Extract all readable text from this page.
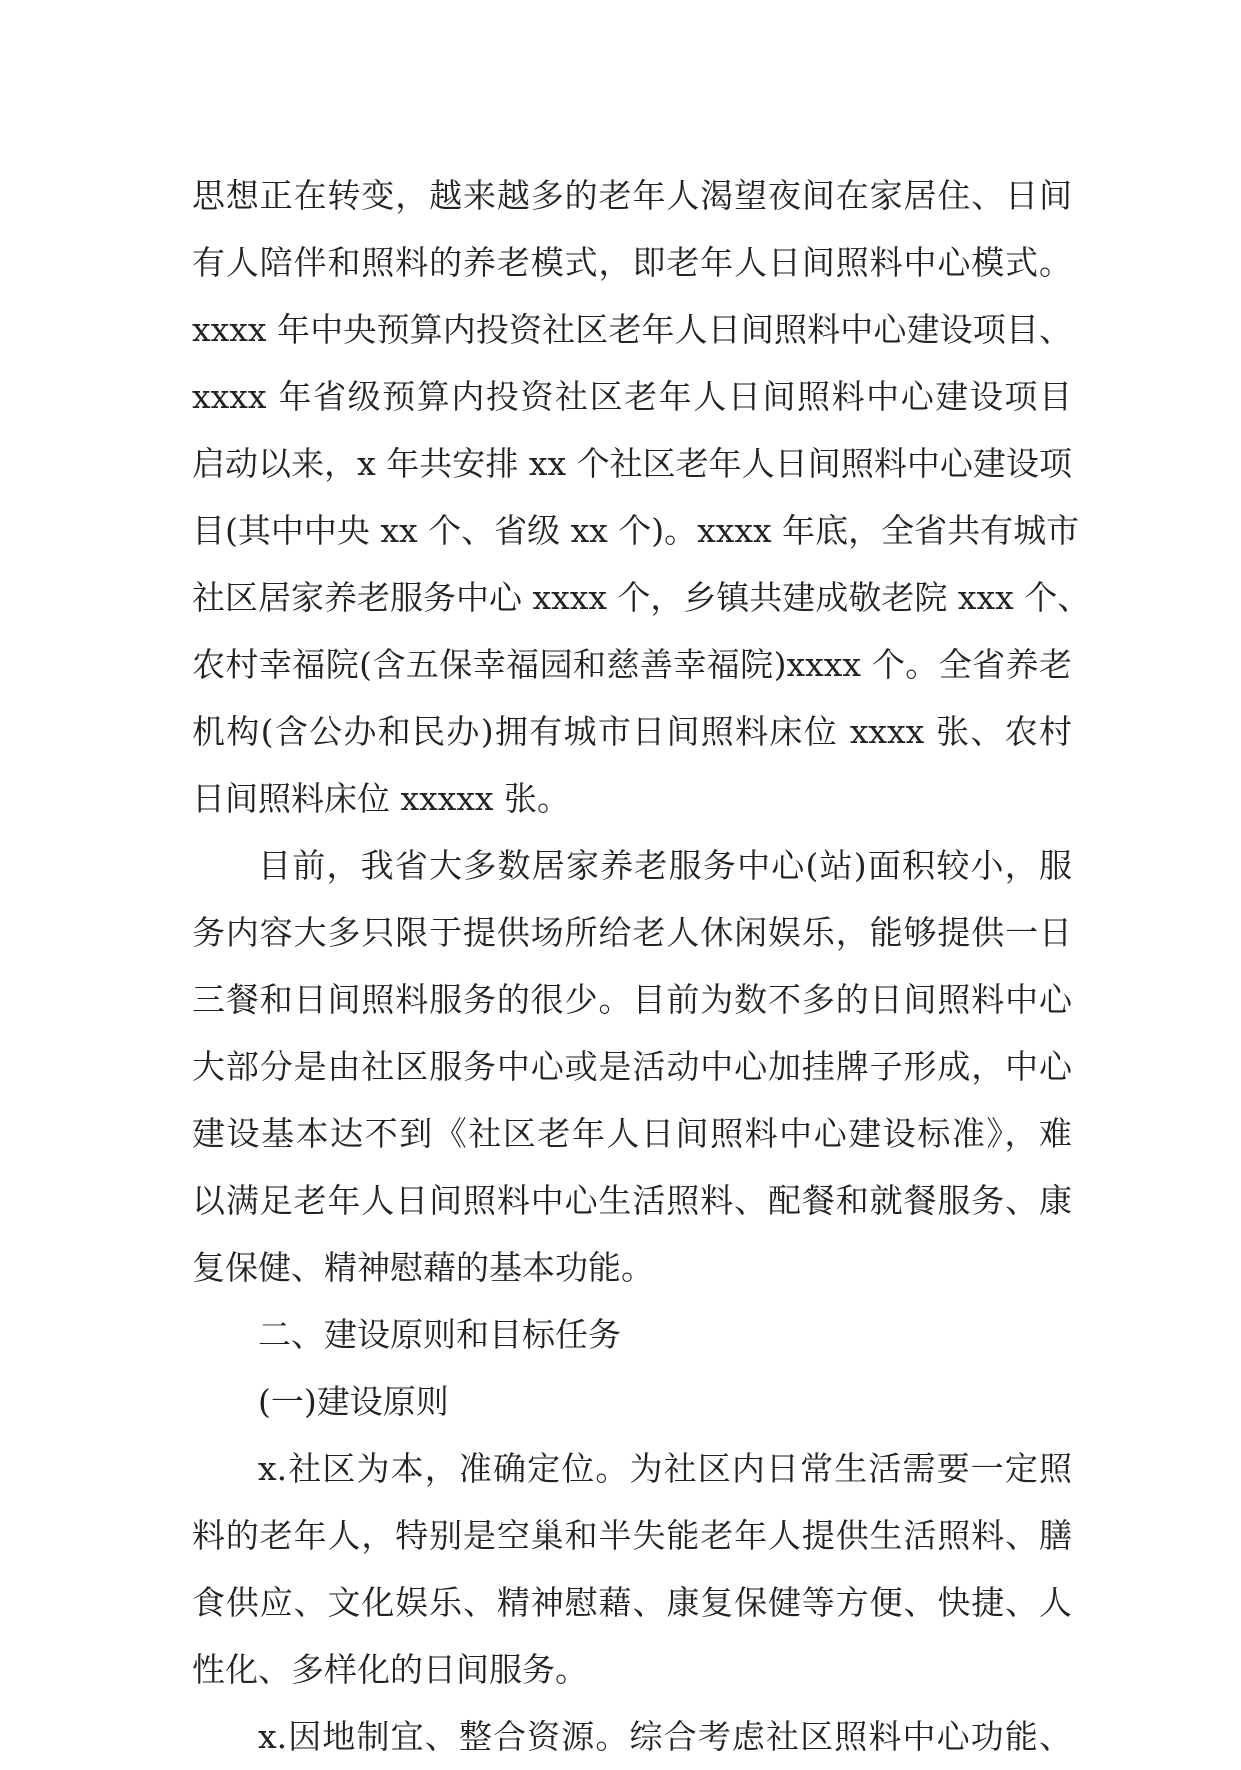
思想正在转变，越来越多的老年人渴望夜间在家居住、日间
有人陪伴和照料的养老模式，即老年人日间照料中心模式。
xxxx 年中央预算内投资社区老年人日间照料中心建设项目、
xxxx 年省级预算内投资社区老年人日间照料中心建设项目
启动以来，x 年共安排 xx 个社区老年人日间照料中心建设项
目(其中中央 xx 个、省级 xx 个)。xxxx 年底，全省共有城市
社区居家养老服务中心 xxxx 个，乡镇共建成敬老院 xxx 个、
农村幸福院(含五保幸福园和慈善幸福院)xxxx 个。全省养老
机构(含公办和民办)拥有城市日间照料床位 xxxx 张、农村
日间照料床位 xxxxx 张。
目前，我省大多数居家养老服务中心(站)面积较小，服
务内容大多只限于提供场所给老人休闲娱乐，能够提供一日
三餐和日间照料服务的很少。目前为数不多的日间照料中心
大部分是由社区服务中心或是活动中心加挂牌子形成，中心
建设基本达不到《社区老年人日间照料中心建设标准》，难
以满足老年人日间照料中心生活照料、配餐和就餐服务、康
复保健、精神慰藉的基本功能。
二、建设原则和目标任务
(一)建设原则
x.社区为本，准确定位。为社区内日常生活需要一定照
料的老年人，特别是空巢和半失能老年人提供生活照料、膳
食供应、文化娱乐、精神慰藉、康复保健等方便、快捷、人
性化、多样化的日间服务。
x.因地制宜、整合资源。综合考虑社区照料中心功能、
